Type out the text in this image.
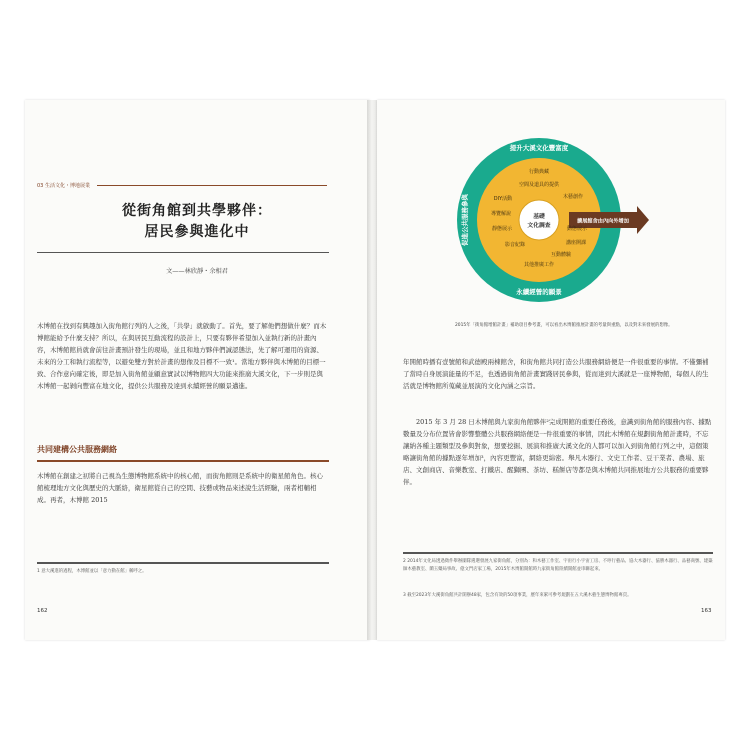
03 生活文化・博地展業
從街角館到共學夥伴：
居民參與進化中
文——林欣靜・余相君

木博館在找到有興趣加入街角館行列的人之後，「共學」就啟動了。首先，要了解他們想做什麼？而木博館能給予什麼支持？所以，在與居民互動流程的設計上，只要有夥伴希望加入並執行新的計畫內容，木博館館員就會前往計畫預計發生的現場，並且和地方夥伴們誠認態法，先了解可運用的資源、未來的分工和執行流程等，以避免雙方對於計畫的想像及目標不一致¹。當地方夥伴與木博館的目標一致、合作意向確定後，即是加入街角館並顧意實試以博物館四大功能來推廣大溪文化，下一步則是與木博館一起剝向豐富在地文化，提供公共服務及達到永續經營的願景邁進。

共同建構公共服務網絡

木博館在創建之初將自己視為生態博物館系統中的核心館，而街角館則是系統中的衛星館角色。核心館梳理地方文化與歷史的大脈絡，衛星館從自己的空間、技藝或物品來述說生活經驗，兩者相輔相成。再者，木博館 2015

1 意大溪進的過程，木博館並以「意力動在館」稱呼之。

162
擴展館舍由內向外增加
提升大溪文化豐富度
促進公共服務參與
永續經營的願景
基礎
文化調查
行動典藏
空間及道具的提供
木藝創作
DIY活動
導覽解說
靜態展示	動態展示
講座開課
影音紀錄
互動體驗
其他推廣工作

2015年「街角館增館計畫」補助項目參考畫，可以看出木博館推展計畫的考量與重點，以及對未來發展的想像。

年開館時播有壹號館和武德殿兩棟館舍，和街角館共同打造公共服務網絡便是一件很重要的事情。不僅彌補了當時自身展演能量的不足，也透過街角館計畫實踐居民參與，從而達到大溪就是一座博物館，每個人的生活就是博物館所蒐藏並展演的文化內涵之宗旨。

2015 年 3 月 28 日木博館與九家街角館夥伴²完成開館的重要任務後，意識到街角館的服務內容、據點數量及分布位置皆會影響整體公共服務網絡便是一件很重要的事情，因此木博館在規劃街角館計畫時，不忘讓納各種主題類型及參與對象，想要挖掘、展演和推廣大溪文化的人都可以加入到街角館行列之中，這個策略讓街角館的據點逐年增加³，內容更豐富，網絡更綿密。舉凡木器行、文史工作者、豆干業者、農場、旅店、文創商店、音樂教室、打鐵店、醒獅團、茶坊、糕餅店等都是與木博館共同推展地方公共服務的重要夥伴。

2 2014年文化局透過徵件舉辦團隊遴選發展九家街角館，分別為：和木藝工作室、宇宙行小宇宙工房、不哼行藝品、協大木器行、協勝木器行、品藝商號、建築師木藝教室、蘭玉藥局事故、億文門店家工場，2015年木博館開館時九家街角館陸續開館並串聯起來。

3 截至2023年大溪街角館共計開辦48家，包含有效的50項事業，歷年來累可參考規劃在五大溪木藝生態博物館專頁。

163
